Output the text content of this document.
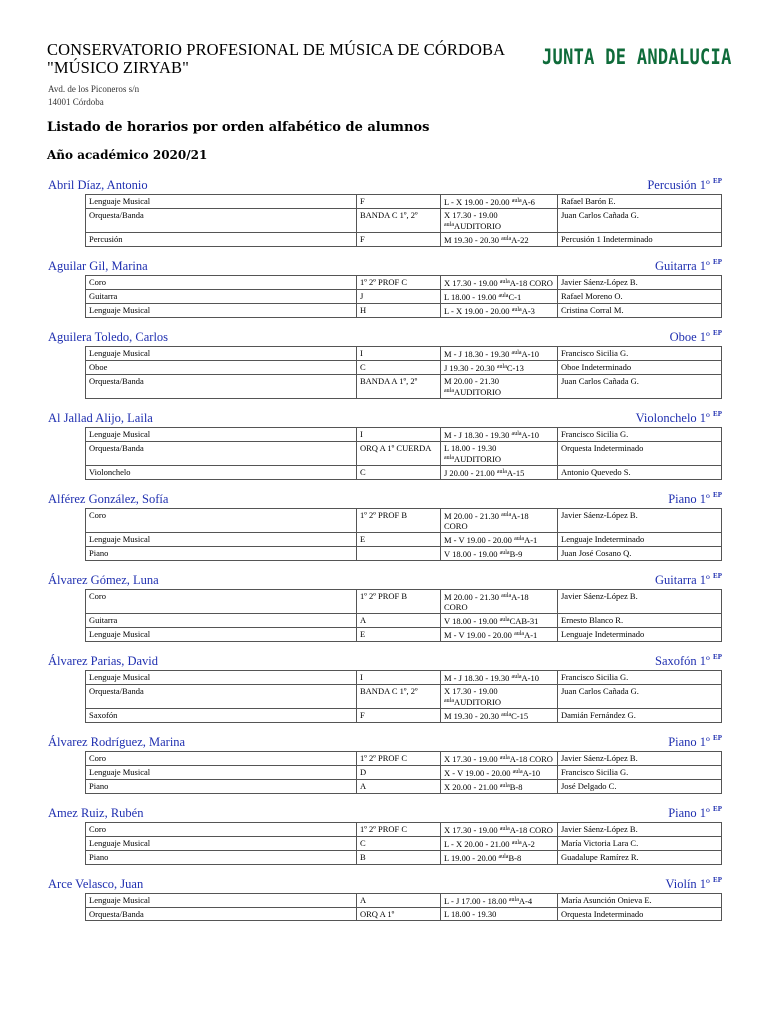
CONSERVATORIO PROFESIONAL DE MÚSICA DE CÓRDOBA
"MÚSICO ZIRYAB"
Avd. de los Piconeros s/n
14001 Córdoba
JUNTA DE ANDALUCIA
Listado de horarios por orden alfabético de alumnos
Año académico 2020/21
Abril Díaz, Antonio	Percusión 1º $^{EP}$
Lenguaje Musical	F	L - X 19.00 - 20.00 $^{aula}$A-6	Rafael Barón E.
Orquesta/Banda	BANDA C 1º, 2º	X 17.30 - 19.00 $^{aula}$AUDITORIO	Juan Carlos Cañada G.
Percusión	F	M 19.30 - 20.30 $^{aula}$A-22	Percusión 1 Indeterminado
Aguilar Gil, Marina	Guitarra 1º $^{EP}$
Coro	1º 2º PROF C	X 17.30 - 19.00 $^{aula}$A-18 CORO	Javier Sáenz-López B.
Guitarra	J	L 18.00 - 19.00 $^{aula}$C-1	Rafael Moreno O.
Lenguaje Musical	H	L - X 19.00 - 20.00 $^{aula}$A-3	Cristina Corral M.
Aguilera Toledo, Carlos	Oboe 1º $^{EP}$
Lenguaje Musical	I	M - J 18.30 - 19.30 $^{aula}$A-10	Francisco Sicilia G.
Oboe	C	J 19.30 - 20.30 $^{aula}$C-13	Oboe Indeterminado
Orquesta/Banda	BANDA A 1º, 2º	M 20.00 - 21.30 $^{aula}$AUDITORIO	Juan Carlos Cañada G.
Al Jallad Alijo, Laila	Violonchelo 1º $^{EP}$
Lenguaje Musical	I	M - J 18.30 - 19.30 $^{aula}$A-10	Francisco Sicilia G.
Orquesta/Banda	ORQ A 1º CUERDA	L 18.00 - 19.30 $^{aula}$AUDITORIO	Orquesta Indeterminado
Violonchelo	C	J 20.00 - 21.00 $^{aula}$A-15	Antonio Quevedo S.
Alférez González, Sofía	Piano 1º $^{EP}$
Coro	1º 2º PROF B	M 20.00 - 21.30 $^{aula}$A-18 CORO	Javier Sáenz-López B.
Lenguaje Musical	E	M - V 19.00 - 20.00 $^{aula}$A-1	Lenguaje Indeterminado
Piano		V 18.00 - 19.00 $^{aula}$B-9	Juan José Cosano Q.
Álvarez Gómez, Luna	Guitarra 1º $^{EP}$
Coro	1º 2º PROF B	M 20.00 - 21.30 $^{aula}$A-18 CORO	Javier Sáenz-López B.
Guitarra	A	V 18.00 - 19.00 $^{aula}$CAB-31	Ernesto Blanco R.
Lenguaje Musical	E	M - V 19.00 - 20.00 $^{aula}$A-1	Lenguaje Indeterminado
Álvarez Parias, David	Saxofón 1º $^{EP}$
Lenguaje Musical	I	M - J 18.30 - 19.30 $^{aula}$A-10	Francisco Sicilia G.
Orquesta/Banda	BANDA C 1º, 2º	X 17.30 - 19.00 $^{aula}$AUDITORIO	Juan Carlos Cañada G.
Saxofón	F	M 19.30 - 20.30 $^{aula}$C-15	Damián Fernández G.
Álvarez Rodríguez, Marina	Piano 1º $^{EP}$
Coro	1º 2º PROF C	X 17.30 - 19.00 $^{aula}$A-18 CORO	Javier Sáenz-López B.
Lenguaje Musical	D	X - V 19.00 - 20.00 $^{aula}$A-10	Francisco Sicilia G.
Piano	A	X 20.00 - 21.00 $^{aula}$B-8	José Delgado C.
Amez Ruiz, Rubén	Piano 1º $^{EP}$
Coro	1º 2º PROF C	X 17.30 - 19.00 $^{aula}$A-18 CORO	Javier Sáenz-López B.
Lenguaje Musical	C	L - X 20.00 - 21.00 $^{aula}$A-2	María Victoria Lara C.
Piano	B	L 19.00 - 20.00 $^{aula}$B-8	Guadalupe Ramírez R.
Arce Velasco, Juan	Violín 1º $^{EP}$
Lenguaje Musical	A	L - J 17.00 - 18.00 $^{aula}$A-4	María Asunción Onieva E.
Orquesta/Banda	ORQ A 1º	L 18.00 - 19.30	Orquesta Indeterminado
